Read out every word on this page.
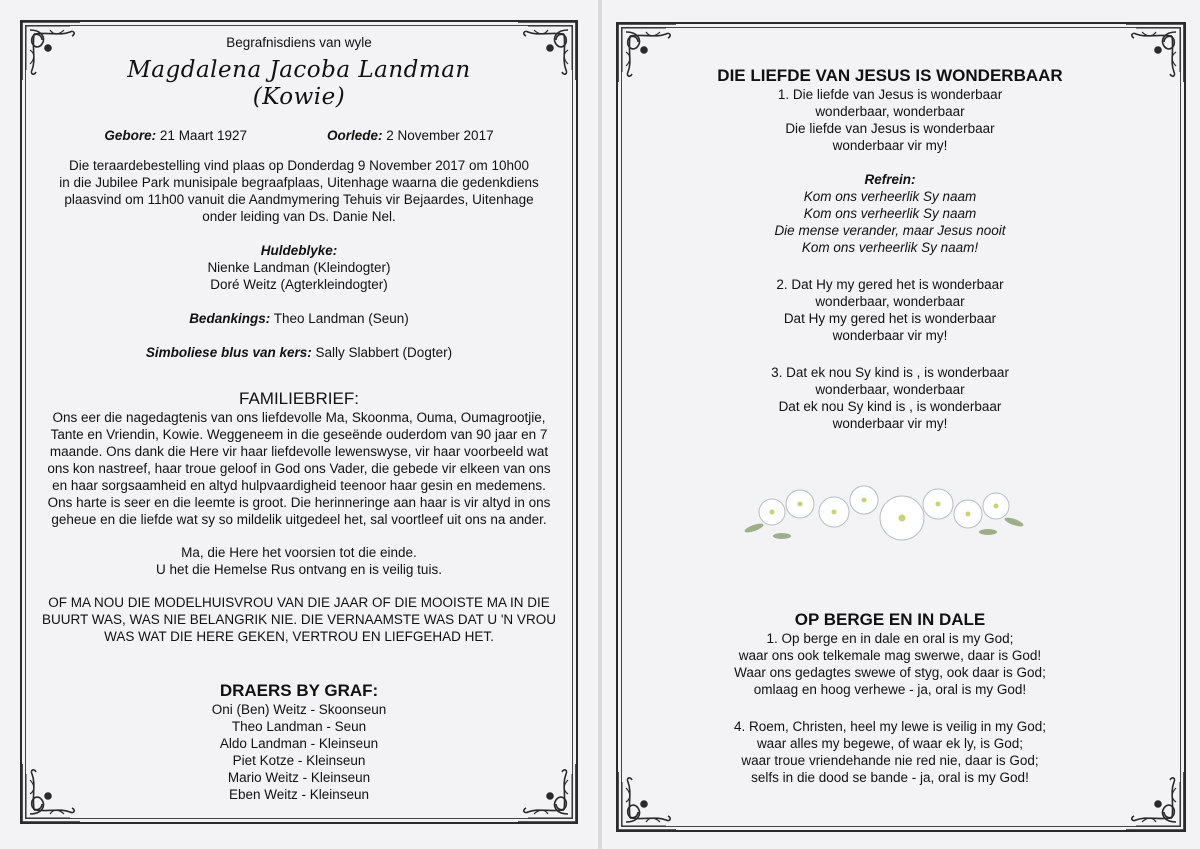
Begrafnisdiens van wyle
Magdalena Jacoba Landman
(Kowie)
Gebore: 21 Maart 1927	Oorlede: 2 November 2017
Die teraardebestelling vind plaas op Donderdag 9 November 2017 om 10h00
in die Jubilee Park munisipale begraafplaas, Uitenhage waarna die gedenkdiens
plaasvind om 11h00 vanuit die Aandmymering Tehuis vir Bejaardes, Uitenhage
onder leiding van Ds. Danie Nel.
Huldeblyke:
Nienke Landman (Kleindogter)
Doré Weitz (Agterkleindogter)
Bedankings: Theo Landman (Seun)
Simboliese blus van kers: Sally Slabbert (Dogter)
FAMILIEBRIEF:
Ons eer die nagedagtenis van ons liefdevolle Ma, Skoonma, Ouma, Oumagrootjie,
Tante en Vriendin, Kowie. Weggeneem in die geseënde ouderdom van 90 jaar en 7
maande. Ons dank die Here vir haar liefdevolle lewenswyse, vir haar voorbeeld wat
ons kon nastreef, haar troue geloof in God ons Vader, die gebede vir elkeen van ons
en haar sorgsaamheid en altyd hulpvaardigheid teenoor haar gesin en medemens.
Ons harte is seer en die leemte is groot. Die herinneringe aan haar is vir altyd in ons
geheue en die liefde wat sy so mildelik uitgedeel het, sal voortleef uit ons na ander.
Ma, die Here het voorsien tot die einde.
U het die Hemelse Rus ontvang en is veilig tuis.
OF MA NOU DIE MODELHUISVROU VAN DIE JAAR OF DIE MOOISTE MA IN DIE
BUURT WAS, WAS NIE BELANGRIK NIE. DIE VERNAAMSTE WAS DAT U 'N VROU
WAS WAT DIE HERE GEKEN, VERTROU EN LIEFGEHAD HET.
DRAERS BY GRAF:
Oni (Ben) Weitz - Skoonseun
Theo Landman - Seun
Aldo Landman - Kleinseun
Piet Kotze - Kleinseun
Mario Weitz - Kleinseun
Eben Weitz - Kleinseun
DIE LIEFDE VAN JESUS IS WONDERBAAR
1. Die liefde van Jesus is wonderbaar
wonderbaar, wonderbaar
Die liefde van Jesus is wonderbaar
wonderbaar vir my!
Refrein:
Kom ons verheerlik Sy naam
Kom ons verheerlik Sy naam
Die mense verander, maar Jesus nooit
Kom ons verheerlik Sy naam!
2. Dat Hy my gered het is wonderbaar
wonderbaar, wonderbaar
Dat Hy my gered het is wonderbaar
wonderbaar vir my!
3. Dat ek nou Sy kind is , is wonderbaar
wonderbaar, wonderbaar
Dat ek nou Sy kind is , is wonderbaar
wonderbaar vir my!
OP BERGE EN IN DALE
1. Op berge en in dale en oral is my God;
waar ons ook telkemale mag swerwe, daar is God!
Waar ons gedagtes swewe of styg, ook daar is God;
omlaag en hoog verhewe - ja, oral is my God!
4. Roem, Christen, heel my lewe is veilig in my God;
waar alles my begewe, of waar ek ly, is God;
waar troue vriendehande nie red nie, daar is God;
selfs in die dood se bande - ja, oral is my God!
